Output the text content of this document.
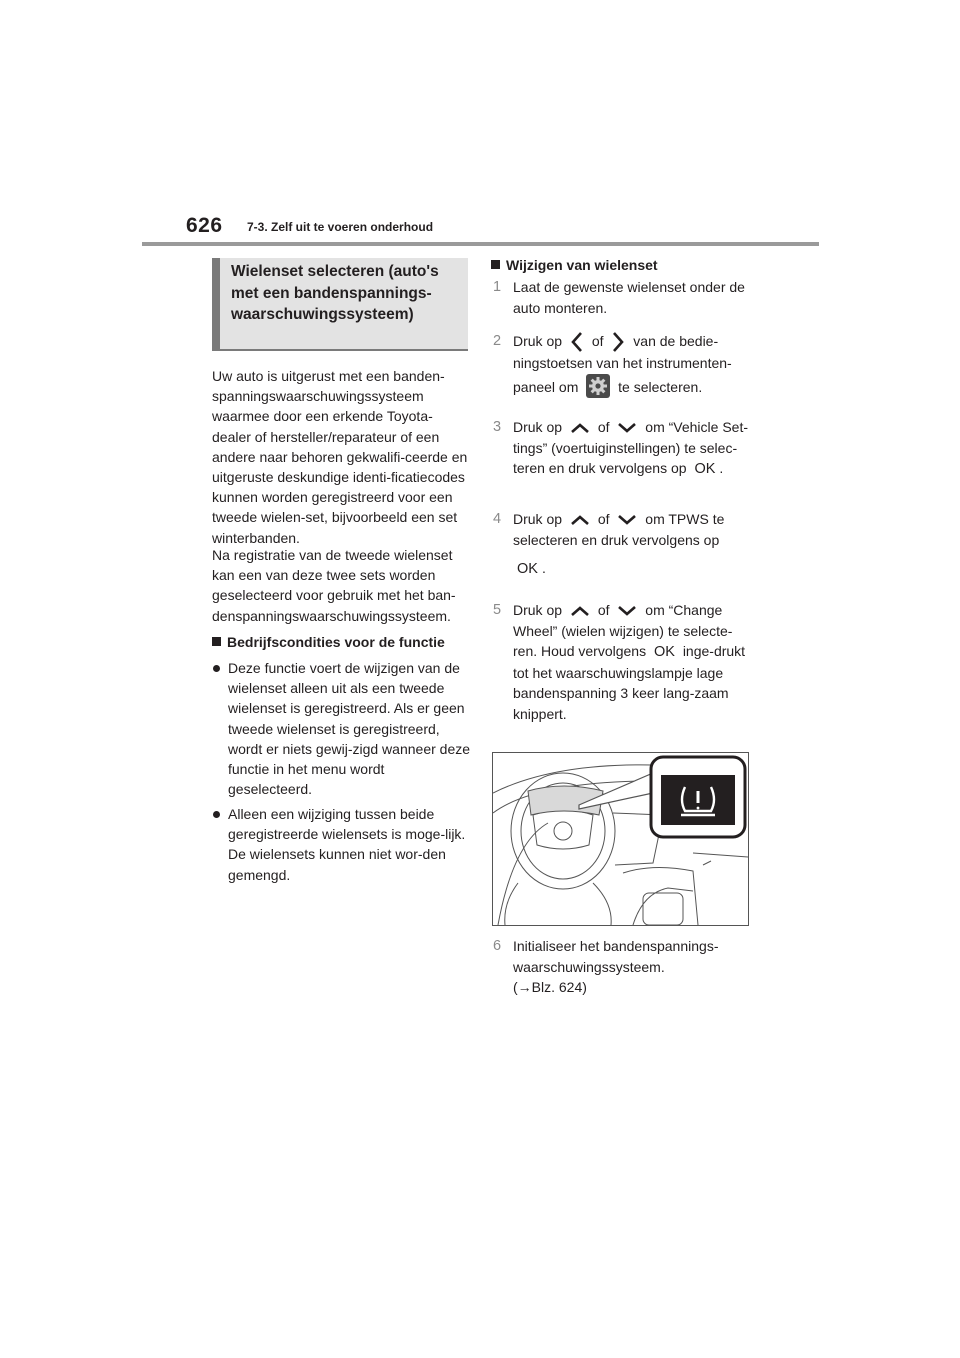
626 7-3. Zelf uit te voeren onderhoud
Wielenset selecteren (auto's met een bandenspannings-waarschuwingssysteem)
Uw auto is uitgerust met een banden-spanningswaarschuwingssysteem waarmee door een erkende Toyota-dealer of hersteller/reparateur of een andere naar behoren gekwalifi-ceerde en uitgeruste deskundige identi-ficatiecodes kunnen worden geregistreerd voor een tweede wielen-set, bijvoorbeeld een set winterbanden.
Na registratie van de tweede wielenset kan een van deze twee sets worden geselecteerd voor gebruik met het ban-denspanningswaarschuwingssysteem.
Bedrijfscondities voor de functie
Deze functie voert de wijzigen van de wielenset alleen uit als een tweede wielenset is geregistreerd. Als er geen tweede wielenset is geregistreerd, wordt er niets gewij-zigd wanneer deze functie in het menu wordt geselecteerd.
Alleen een wijziging tussen beide geregistreerde wielensets is moge-lijk. De wielensets kunnen niet wor-den gemengd.
Wijzigen van wielenset
1 Laat de gewenste wielenset onder de auto monteren.
2 Druk op of van de bedie-ningstoetsen van het instrumenten-paneel om	te selecteren.
3 Druk op	of	om “Vehicle Set-tings” (voertuiginstellingen) te selec-teren en druk vervolgens op OK .
4 Druk op	of	om TPWS te selecteren en druk vervolgens op
OK .
5 Druk op	of	om “Change Wheel” (wielen wijzigen) te selecte-ren. Houd vervolgens OK inge-drukt tot het waarschuwingslampje lage bandenspanning 3 keer lang-zaam knippert.
6 Initialiseer het bandenspannings-waarschuwingssysteem.
(→Blz. 624)
